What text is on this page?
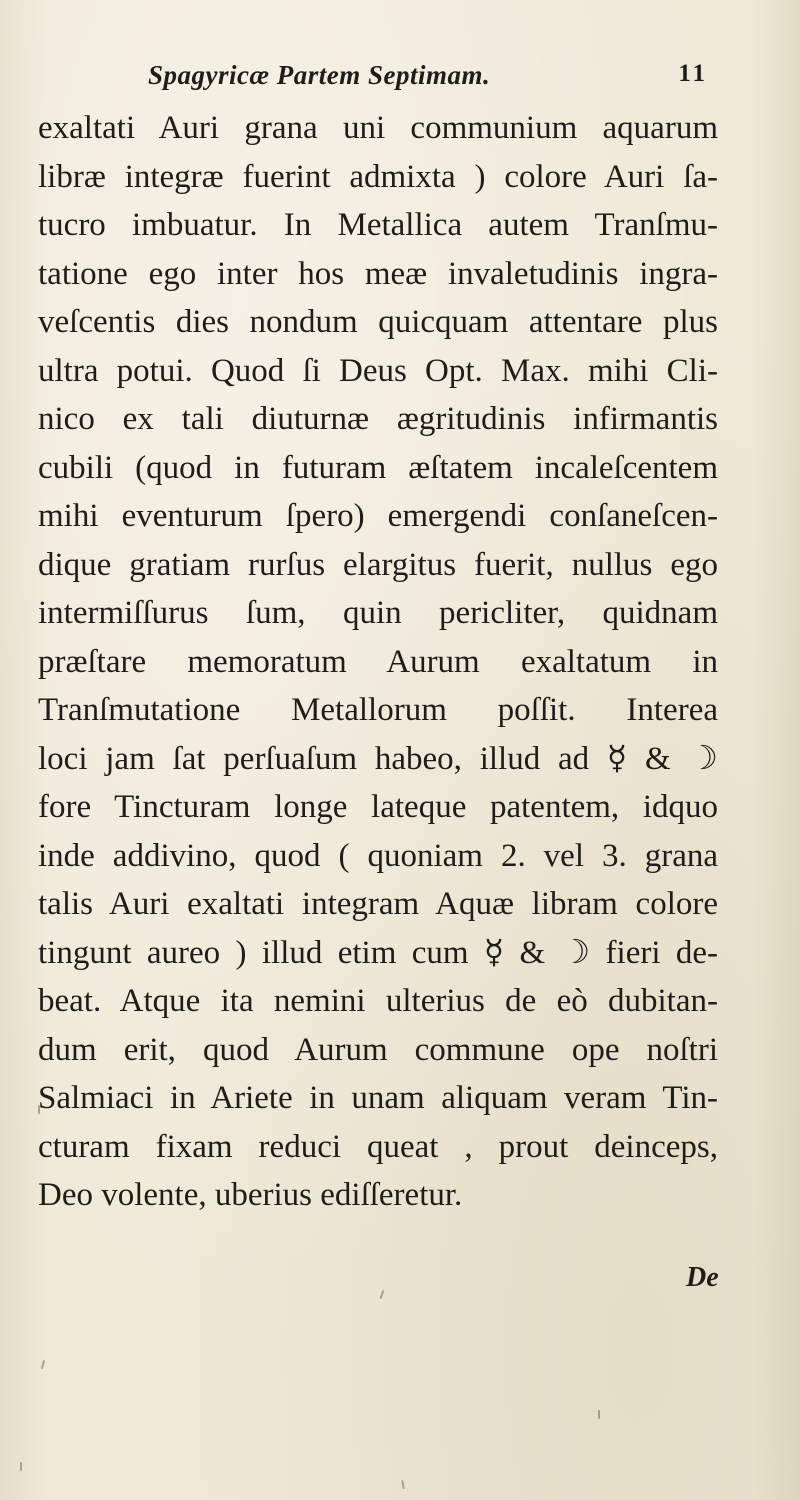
Spagyricæ Partem Septimam.	11
exaltati Auri grana uni communium aquarum
libræ integræ fuerint admixta ) colore Auri ſa-
tucro imbuatur. In Metallica autem Tranſmu-
tatione ego inter hos meæ invaletudinis ingra-
veſcentis dies nondum quicquam attentare plus
ultra potui. Quod ſi Deus Opt. Max. mihi Cli-
nico ex tali diuturnæ ægritudinis infirmantis
cubili (quod in futuram æſtatem incaleſcentem
mihi eventurum ſpero) emergendi conſaneſcen-
dique gratiam rurſus elargitus fuerit, nullus ego
intermiſſurus ſum, quin pericliter, quidnam
præſtare memoratum Aurum exaltatum in
Tranſmutatione Metallorum poſſit. Interea
loci jam ſat perſuaſum habeo, illud ad ☿ & ☽
fore Tincturam longe lateque patentem, idquo
inde addivino, quod ( quoniam 2. vel 3. grana
talis Auri exaltati integram Aquæ libram colore
tingunt aureo ) illud etim cum ☿ & ☽ fieri de-
beat. Atque ita nemini ulterius de eò dubitan-
dum erit, quod Aurum commune ope noſtri
Salmiaci in Ariete in unam aliquam veram Tin-
cturam fixam reduci queat , prout deinceps,
Deo volente, uberius ediſſeretur.
De
